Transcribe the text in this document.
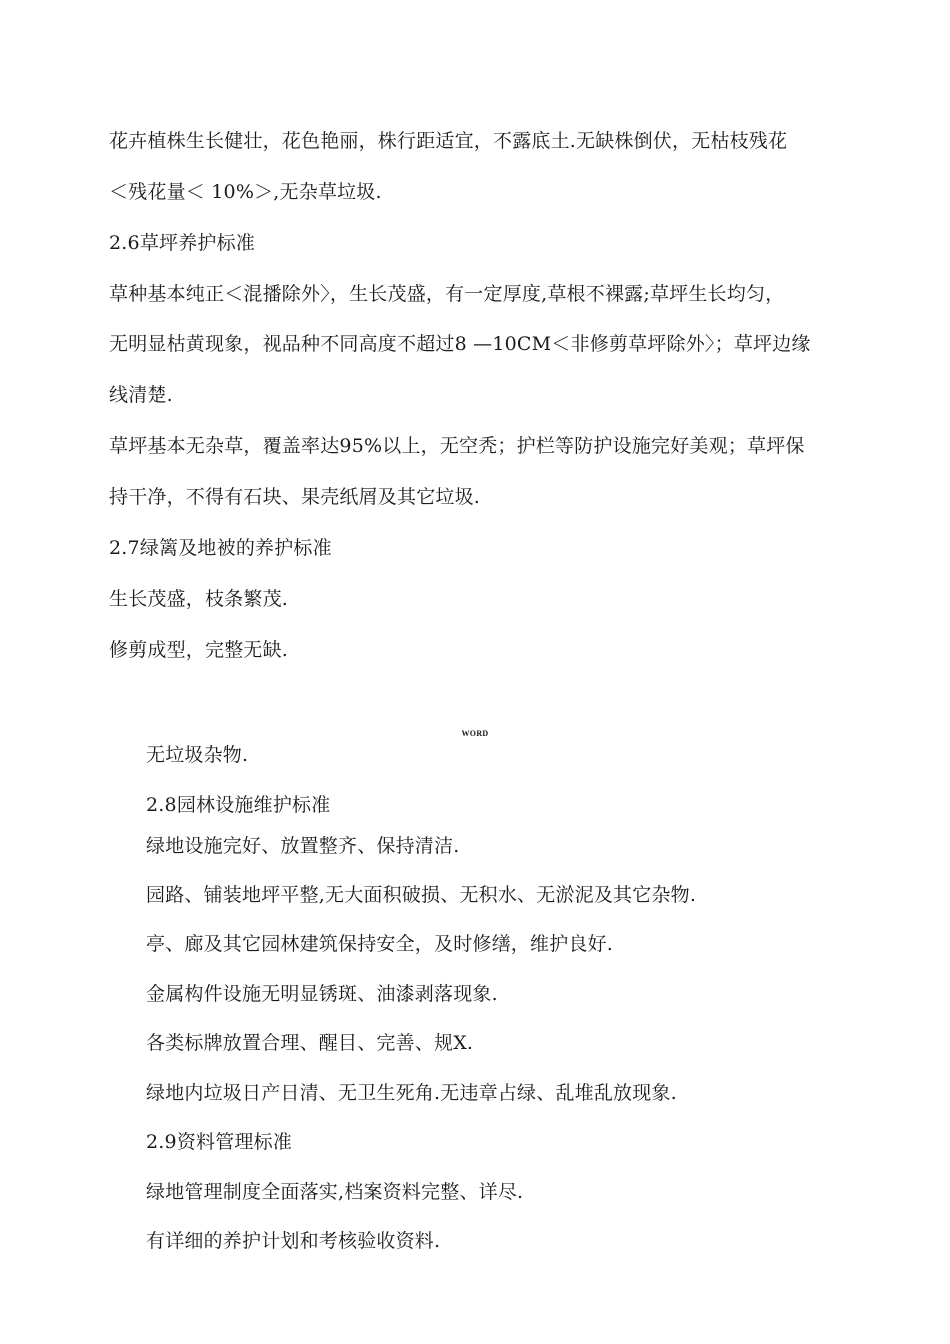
花卉植株生长健壮，花色艳丽，株行距适宜，不露底土.无缺株倒伏，无枯枝残花
＜残花量＜ 10%＞,无杂草垃圾.
2.6草坪养护标准
草种基本纯正＜混播除外〉，生长茂盛，有一定厚度,草根不裸露;草坪生长均匀，
无明显枯黄现象，视品种不同高度不超过8 —10CM＜非修剪草坪除外〉；草坪边缘
线清楚.
草坪基本无杂草，覆盖率达95%以上，无空秃；护栏等防护设施完好美观；草坪保
持干净，不得有石块、果壳纸屑及其它垃圾.
2.7绿篱及地被的养护标准
生长茂盛，枝条繁茂.
修剪成型，完整无缺.
WORD
无垃圾杂物.
2.8园林设施维护标准
绿地设施完好、放置整齐、保持清洁.
园路、铺装地坪平整,无大面积破损、无积水、无淤泥及其它杂物.
亭、廊及其它园林建筑保持安全，及时修缮，维护良好.
金属构件设施无明显锈斑、油漆剥落现象.
各类标牌放置合理、醒目、完善、规X.
绿地内垃圾日产日清、无卫生死角.无违章占绿、乱堆乱放现象.
2.9资料管理标准
绿地管理制度全面落实,档案资料完整、详尽.
有详细的养护计划和考核验收资料.
